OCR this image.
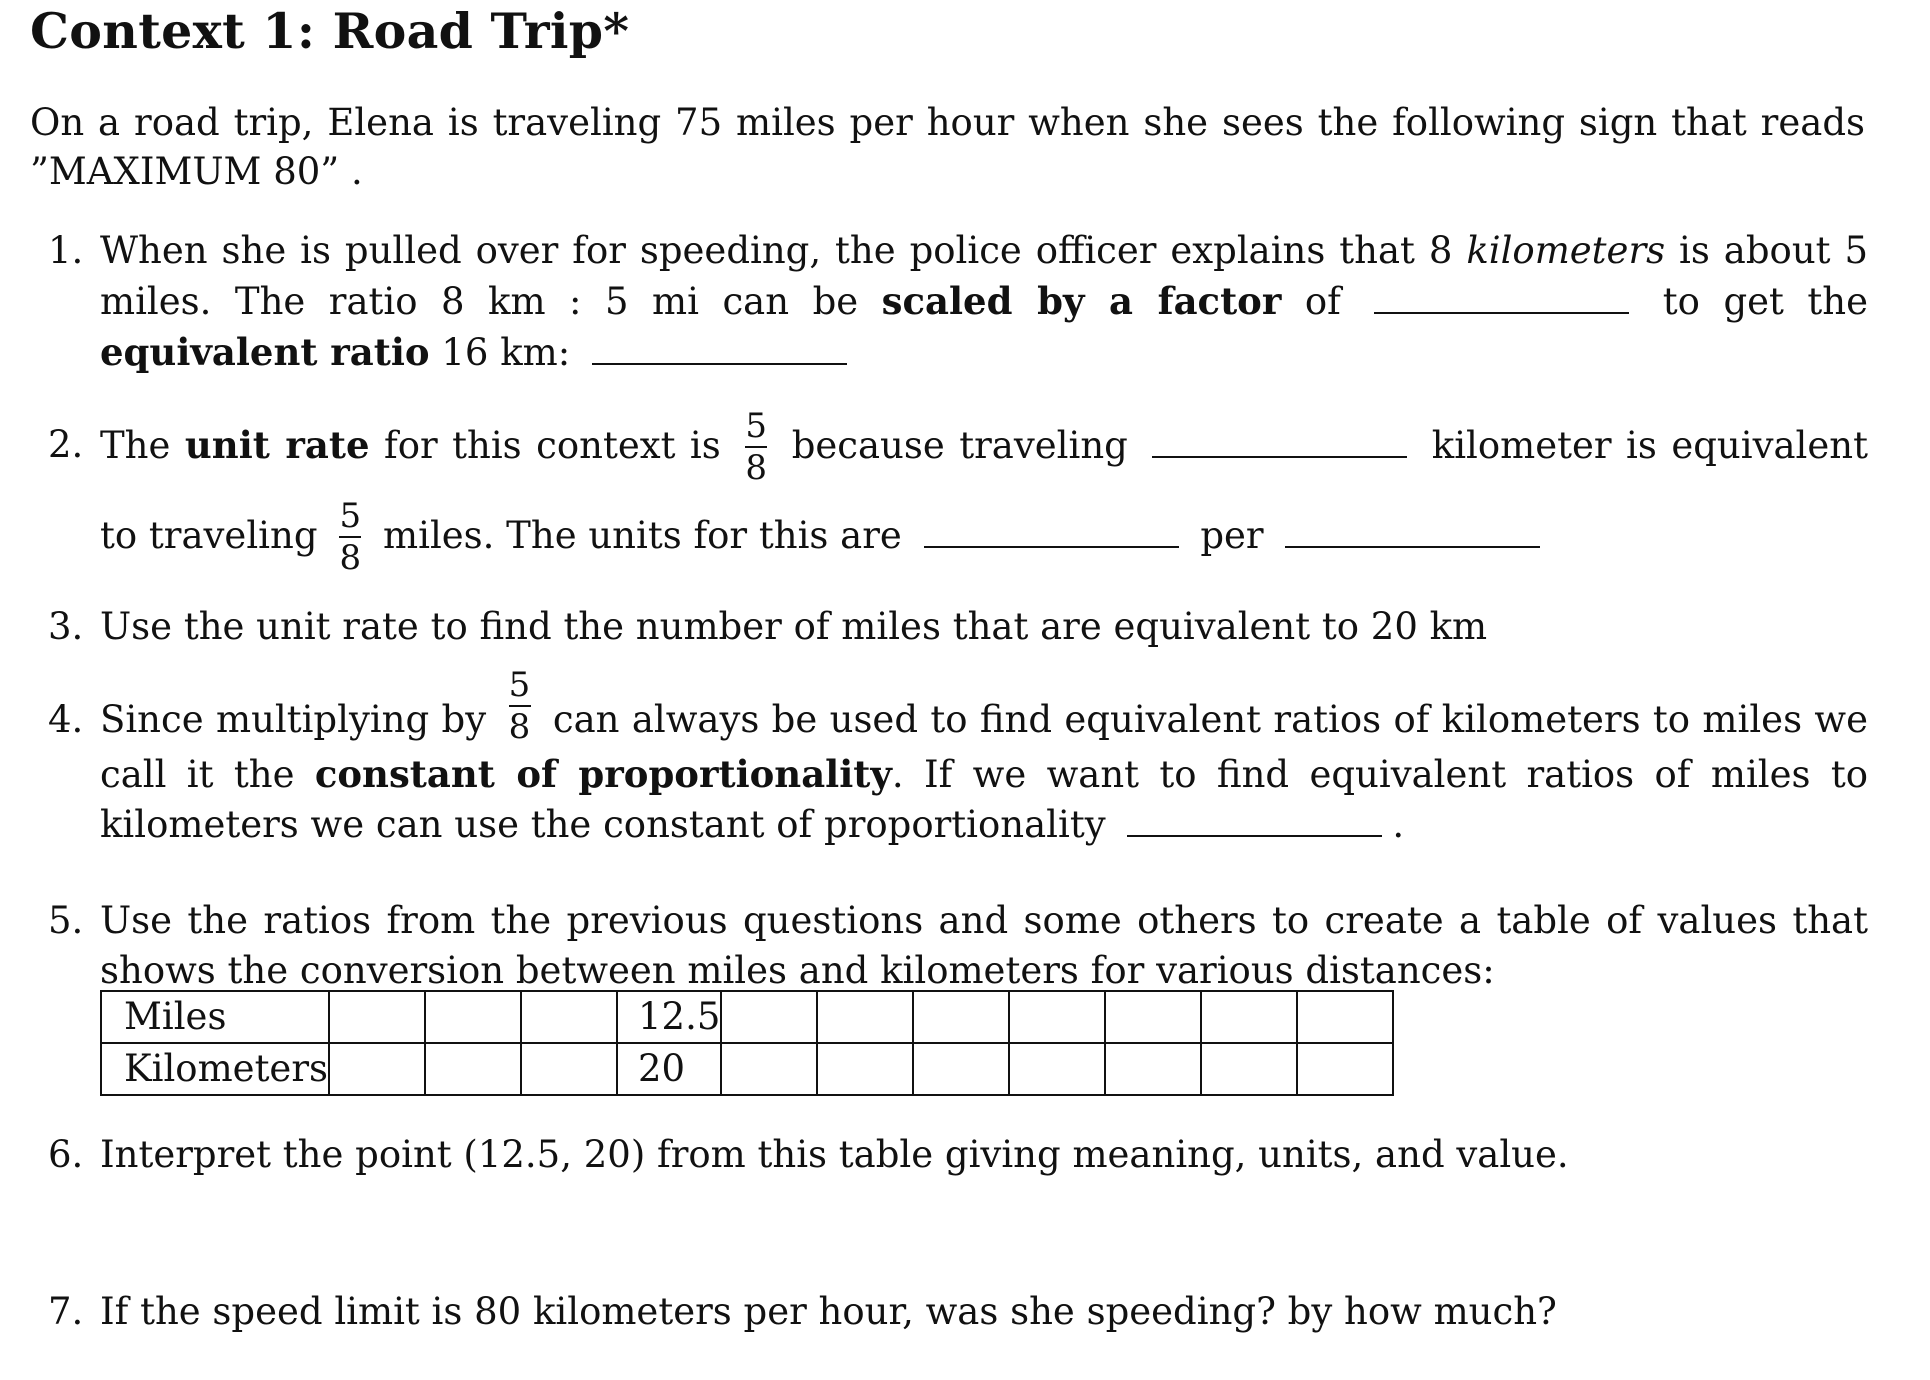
Context 1: Road Trip*
On a road trip, Elena is traveling 75 miles per hour when she sees the following sign that reads ”MAXIMUM 80” .
1. When she is pulled over for speeding, the police officer explains that 8 kilometers is about 5 miles. The ratio 8 km : 5 mi can be scaled by a factor of	to get the equivalent ratio 16 km:
2. The unit rate for this context is $\frac{5}{8}$ because traveling	kilometer is equivalent to traveling $\frac{5}{8}$ miles. The units for this are	per
3. Use the unit rate to find the number of miles that are equivalent to 20 km
4. Since multiplying by $\frac{5}{8}$ can always be used to find equivalent ratios of kilometers to miles we call it the constant of proportionality. If we want to find equivalent ratios of miles to kilometers we can use the constant of proportionality	.
5. Use the ratios from the previous questions and some others to create a table of values that shows the conversion between miles and kilometers for various distances:
Miles				12.5							
Kilometers				20							
6. Interpret the point (12.5, 20) from this table giving meaning, units, and value.
7. If the speed limit is 80 kilometers per hour, was she speeding? by how much?
